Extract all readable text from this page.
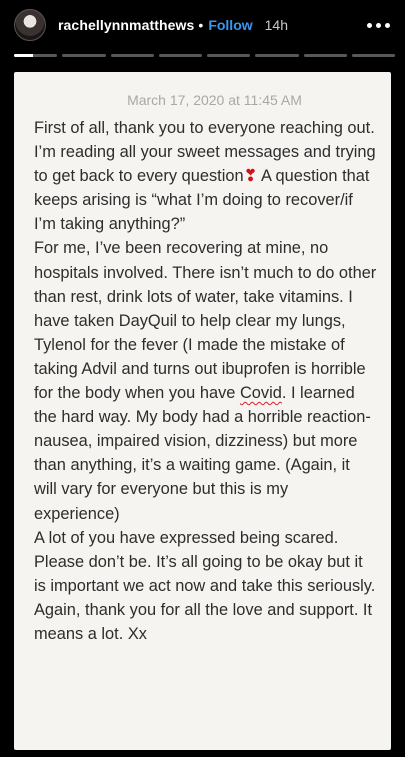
rachellynnmatthews • Follow 14h
March 17, 2020 at 11:45 AM
First of all, thank you to everyone reaching out. I’m reading all your sweet messages and trying to get back to every question❣ A question that keeps arising is “what I’m doing to recover/if I’m taking anything?”
For me, I’ve been recovering at mine, no hospitals involved. There isn’t much to do other than rest, drink lots of water, take vitamins. I have taken DayQuil to help clear my lungs, Tylenol for the fever (I made the mistake of taking Advil and turns out ibuprofen is horrible for the body when you have Covid. I learned the hard way. My body had a horrible reaction- nausea, impaired vision, dizziness) but more than anything, it’s a waiting game. (Again, it will vary for everyone but this is my experience)
A lot of you have expressed being scared. Please don’t be. It’s all going to be okay but it is important we act now and take this seriously. Again, thank you for all the love and support. It means a lot. Xx
